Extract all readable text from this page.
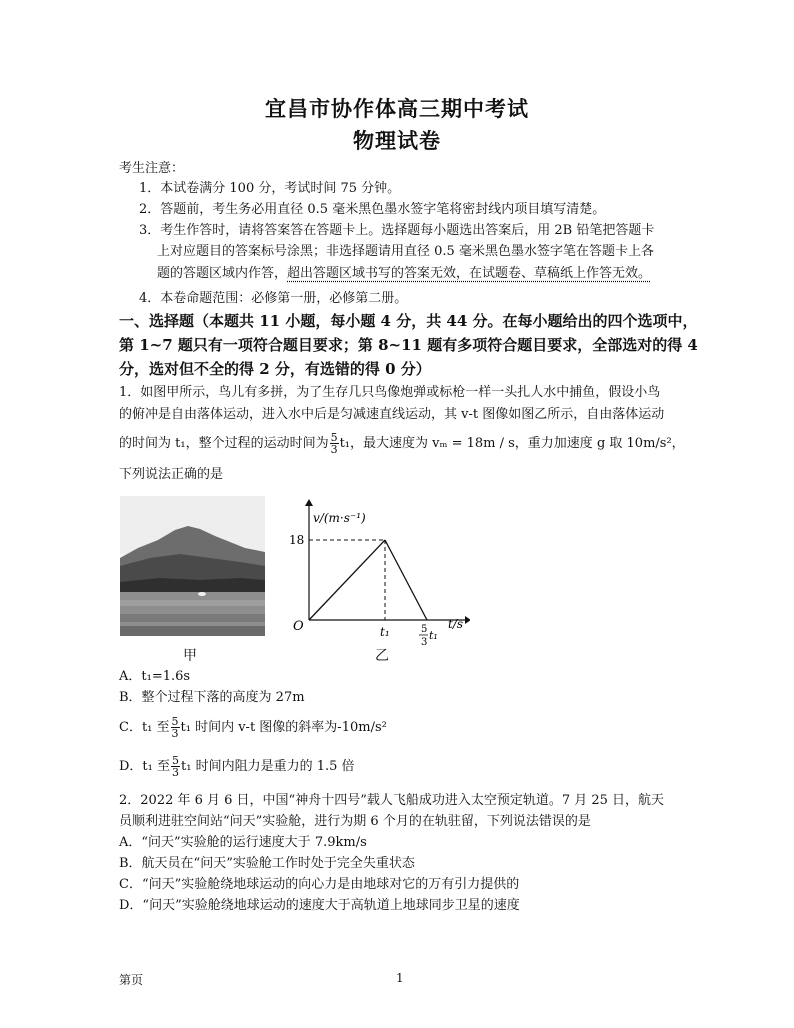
宜昌市协作体高三期中考试
物理试卷
考生注意：
1．本试卷满分 100 分，考试时间 75 分钟。
2．答题前，考生务必用直径 0.5 毫米黑色墨水签字笔将密封线内项目填写清楚。
3．考生作答时，请将答案答在答题卡上。选择题每小题选出答案后，用 2B 铅笔把答题卡
上对应题目的答案标号涂黑；非选择题请用直径 0.5 毫米黑色墨水签字笔在答题卡上各
题的答题区域内作答，超出答题区域书写的答案无效，在试题卷、草稿纸上作答无效。
4．本卷命题范围：必修第一册，必修第二册。
一、选择题（本题共 11 小题，每小题 4 分，共 44 分。在每小题给出的四个选项中，
第 1~7 题只有一项符合题目要求；第 8~11 题有多项符合题目要求，全部选对的得 4
分，选对但不全的得 2 分，有选错的得 0 分）
1．如图甲所示，鸟儿有多拼，为了生存几只鸟像炮弹或标枪一样一头扎人水中捕鱼，假设小鸟
的俯冲是自由落体运动，进入水中后是匀减速直线运动，其 v-t 图像如图乙所示，自由落体运动
的时间为 t₁，整个过程的运动时间为 $\frac{5}{3} t_1$，最大速度为 vₘ = 18m / s，重力加速度 g 取 10m/s²，
下列说法正确的是
甲
v/(m·s⁻¹)
18
O	t₁	5
3
t₁
t/s
乙
A．t₁=1.6s
B．整个过程下落的高度为 27m
C．t₁ 至 $\frac{5}{3} t_1$ 时间内 v-t 图像的斜率为-10m/s²
D．t₁ 至 $\frac{5}{3} t_1$ 时间内阻力是重力的 1.5 倍
2．2022 年 6 月 6 日，中国“神舟十四号”载人飞船成功进入太空预定轨道。7 月 25 日，航天
员顺利进驻空间站“问天”实验舱，进行为期 6 个月的在轨驻留，下列说法错误的是
A．“问天”实验舱的运行速度大于 7.9km/s
B．航天员在“问天”实验舱工作时处于完全失重状态
C．“问天”实验舱绕地球运动的向心力是由地球对它的万有引力提供的
D．“问天”实验舱绕地球运动的速度大于高轨道上地球同步卫星的速度
第页	1
